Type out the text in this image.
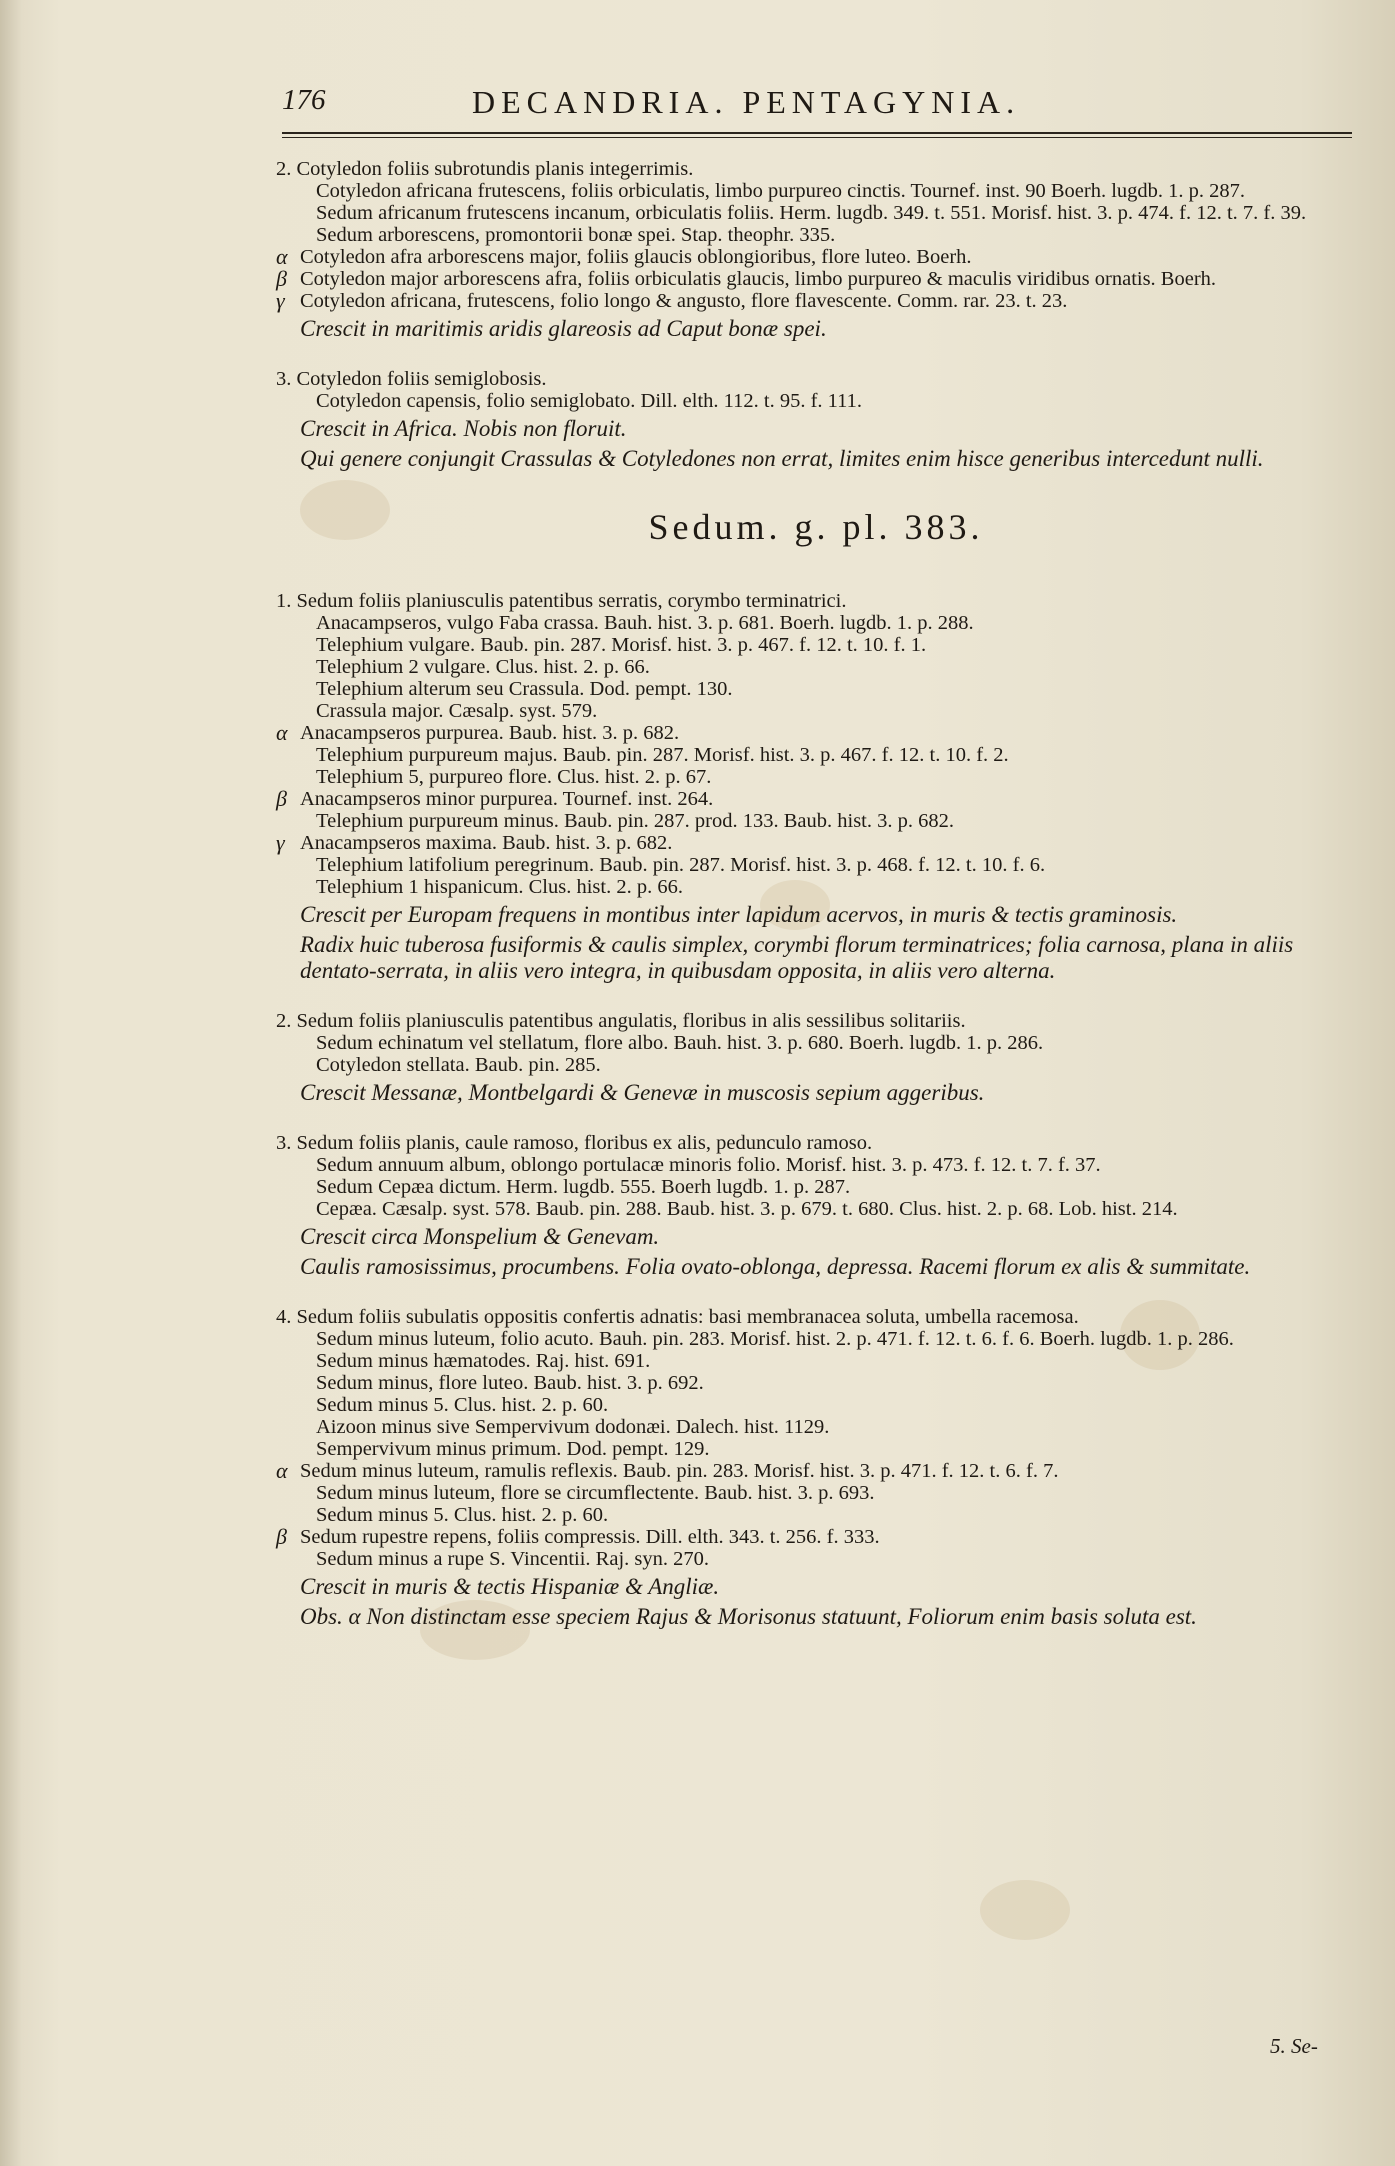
176	DECANDRIA. PENTAGYNIA.
2. Cotyledon foliis subrotundis planis integerrimis.
Cotyledon africana frutescens, foliis orbiculatis, limbo purpureo cinctis. Tournef. inst. 90 Boerh. lugdb. 1. p. 287.
Sedum africanum frutescens incanum, orbiculatis foliis. Herm. lugdb. 349. t. 551. Morisf. hist. 3. p. 474. f. 12. t. 7. f. 39.
Sedum arborescens, promontorii bonæ spei. Stap. theophr. 335.
α Cotyledon afra arborescens major, foliis glaucis oblongioribus, flore luteo. Boerh.
β Cotyledon major arborescens afra, foliis orbiculatis glaucis, limbo purpureo & maculis viridibus ornatis. Boerh.
γ Cotyledon africana, frutescens, folio longo & angusto, flore flavescente. Comm. rar. 23. t. 23.
Crescit in maritimis aridis glareosis ad Caput bonæ spei.
3. Cotyledon foliis semiglobosis.
Cotyledon capensis, folio semiglobato. Dill. elth. 112. t. 95. f. 111.
Crescit in Africa. Nobis non floruit.
Qui genere conjungit Crassulas & Cotyledones non errat, limites enim hisce generibus intercedunt nulli.
Sedum. g. pl. 383.
1. Sedum foliis planiusculis patentibus serratis, corymbo terminatrici.
Anacampseros, vulgo Faba crassa. Bauh. hist. 3. p. 681. Boerh. lugdb. 1. p. 288.
Telephium vulgare. Baub. pin. 287. Morisf. hist. 3. p. 467. f. 12. t. 10. f. 1.
Telephium 2 vulgare. Clus. hist. 2. p. 66.
Telephium alterum seu Crassula. Dod. pempt. 130.
Crassula major. Cæsalp. syst. 579.
α Anacampseros purpurea. Baub. hist. 3. p. 682.
Telephium purpureum majus. Baub. pin. 287. Morisf. hist. 3. p. 467. f. 12. t. 10. f. 2.
Telephium 5, purpureo flore. Clus. hist. 2. p. 67.
β Anacampseros minor purpurea. Tournef. inst. 264.
Telephium purpureum minus. Baub. pin. 287. prod. 133. Baub. hist. 3. p. 682.
γ Anacampseros maxima. Baub. hist. 3. p. 682.
Telephium latifolium peregrinum. Baub. pin. 287. Morisf. hist. 3. p. 468. f. 12. t. 10. f. 6.
Telephium 1 hispanicum. Clus. hist. 2. p. 66.
Crescit per Europam frequens in montibus inter lapidum acervos, in muris & tectis graminosis.
Radix huic tuberosa fusiformis & caulis simplex, corymbi florum terminatrices; folia carnosa, plana in aliis dentato-serrata, in aliis vero integra, in quibusdam opposita, in aliis vero alterna.
2. Sedum foliis planiusculis patentibus angulatis, floribus in alis sessilibus solitariis.
Sedum echinatum vel stellatum, flore albo. Bauh. hist. 3. p. 680. Boerh. lugdb. 1. p. 286.
Cotyledon stellata. Baub. pin. 285.
Crescit Messanæ, Montbelgardi & Genevæ in muscosis sepium aggeribus.
3. Sedum foliis planis, caule ramoso, floribus ex alis, pedunculo ramoso.
Sedum annuum album, oblongo portulacæ minoris folio. Morisf. hist. 3. p. 473. f. 12. t. 7. f. 37.
Sedum Cepæa dictum. Herm. lugdb. 555. Boerh lugdb. 1. p. 287.
Cepæa. Cæsalp. syst. 578. Baub. pin. 288. Baub. hist. 3. p. 679. t. 680. Clus. hist. 2. p. 68. Lob. hist. 214.
Crescit circa Monspelium & Genevam.
Caulis ramosissimus, procumbens. Folia ovato-oblonga, depressa. Racemi florum ex alis & summitate.
4. Sedum foliis subulatis oppositis confertis adnatis: basi membranacea soluta, umbella racemosa.
Sedum minus luteum, folio acuto. Bauh. pin. 283. Morisf. hist. 2. p. 471. f. 12. t. 6. f. 6. Boerh. lugdb. 1. p. 286.
Sedum minus hæmatodes. Raj. hist. 691.
Sedum minus, flore luteo. Baub. hist. 3. p. 692.
Sedum minus 5. Clus. hist. 2. p. 60.
Aizoon minus sive Sempervivum dodonæi. Dalech. hist. 1129.
Sempervivum minus primum. Dod. pempt. 129.
α Sedum minus luteum, ramulis reflexis. Baub. pin. 283. Morisf. hist. 3. p. 471. f. 12. t. 6. f. 7.
Sedum minus luteum, flore se circumflectente. Baub. hist. 3. p. 693.
Sedum minus 5. Clus. hist. 2. p. 60.
β Sedum rupestre repens, foliis compressis. Dill. elth. 343. t. 256. f. 333.
Sedum minus a rupe S. Vincentii. Raj. syn. 270.
Crescit in muris & tectis Hispaniæ & Angliæ.
Obs. α Non distinctam esse speciem Rajus & Morisonus statuunt, Foliorum enim basis soluta est.
5. Se-
